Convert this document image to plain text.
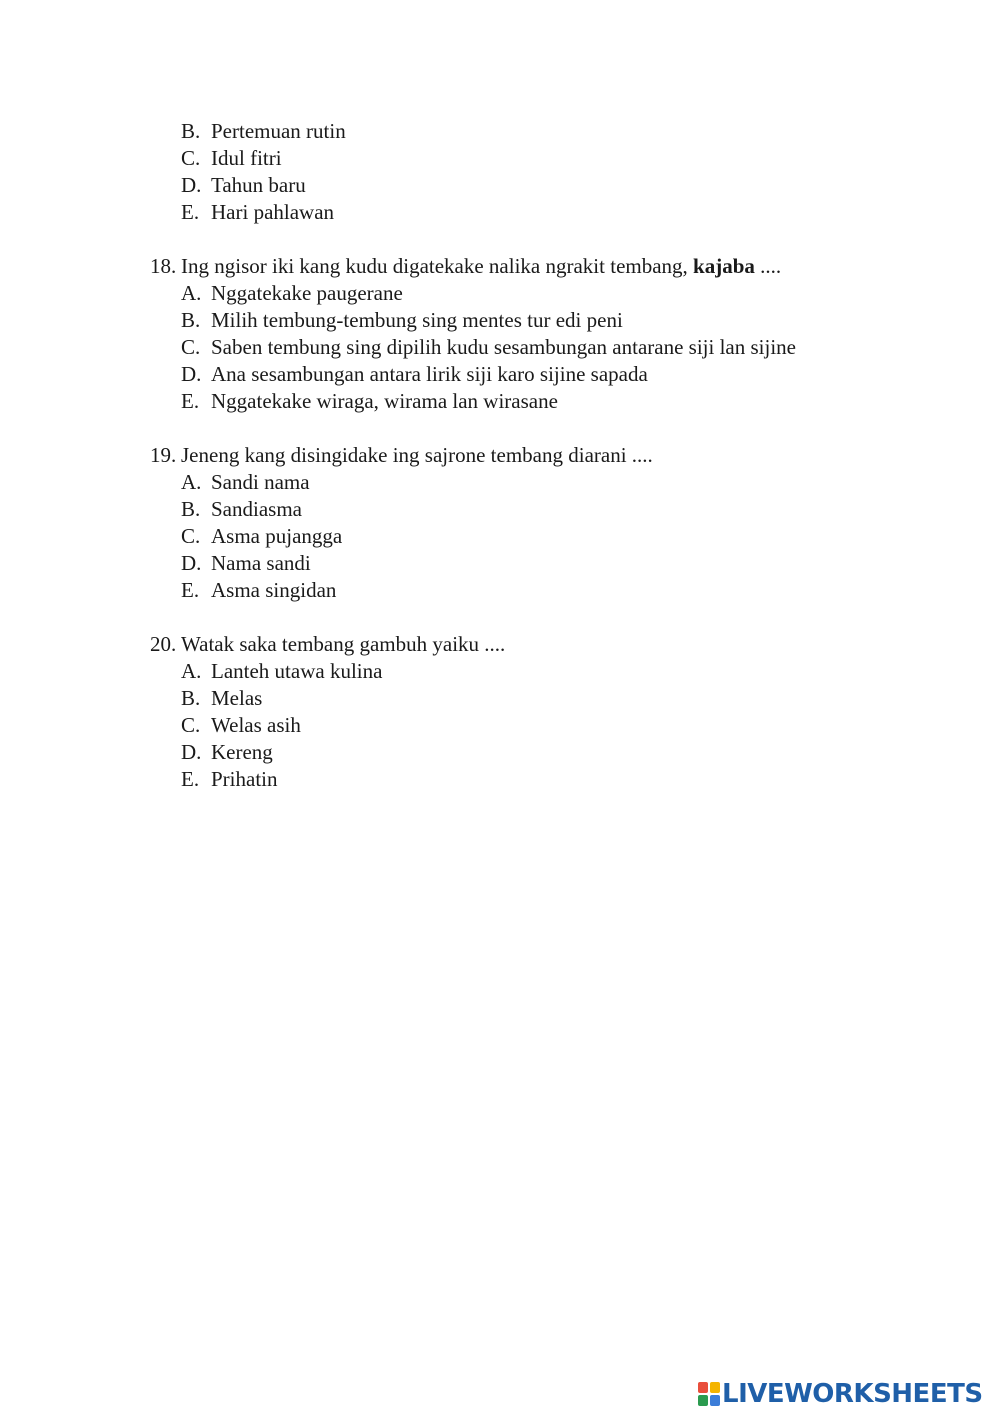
B. Pertemuan rutin
C. Idul fitri
D. Tahun baru
E. Hari pahlawan
18. Ing ngisor iki kang kudu digatekake nalika ngrakit tembang, kajaba ....
A. Nggatekake paugerane
B. Milih tembung-tembung sing mentes tur edi peni
C. Saben tembung sing dipilih kudu sesambungan antarane siji lan sijine
D. Ana sesambungan antara lirik siji karo sijine sapada
E. Nggatekake wiraga, wirama lan wirasane
19. Jeneng kang disingidake ing sajrone tembang diarani ....
A. Sandi nama
B. Sandiasma
C. Asma pujangga
D. Nama sandi
E. Asma singidan
20. Watak saka tembang gambuh yaiku ....
A. Lanteh utawa kulina
B. Melas
C. Welas asih
D. Kereng
E. Prihatin
LIVEWORKSHEETS
